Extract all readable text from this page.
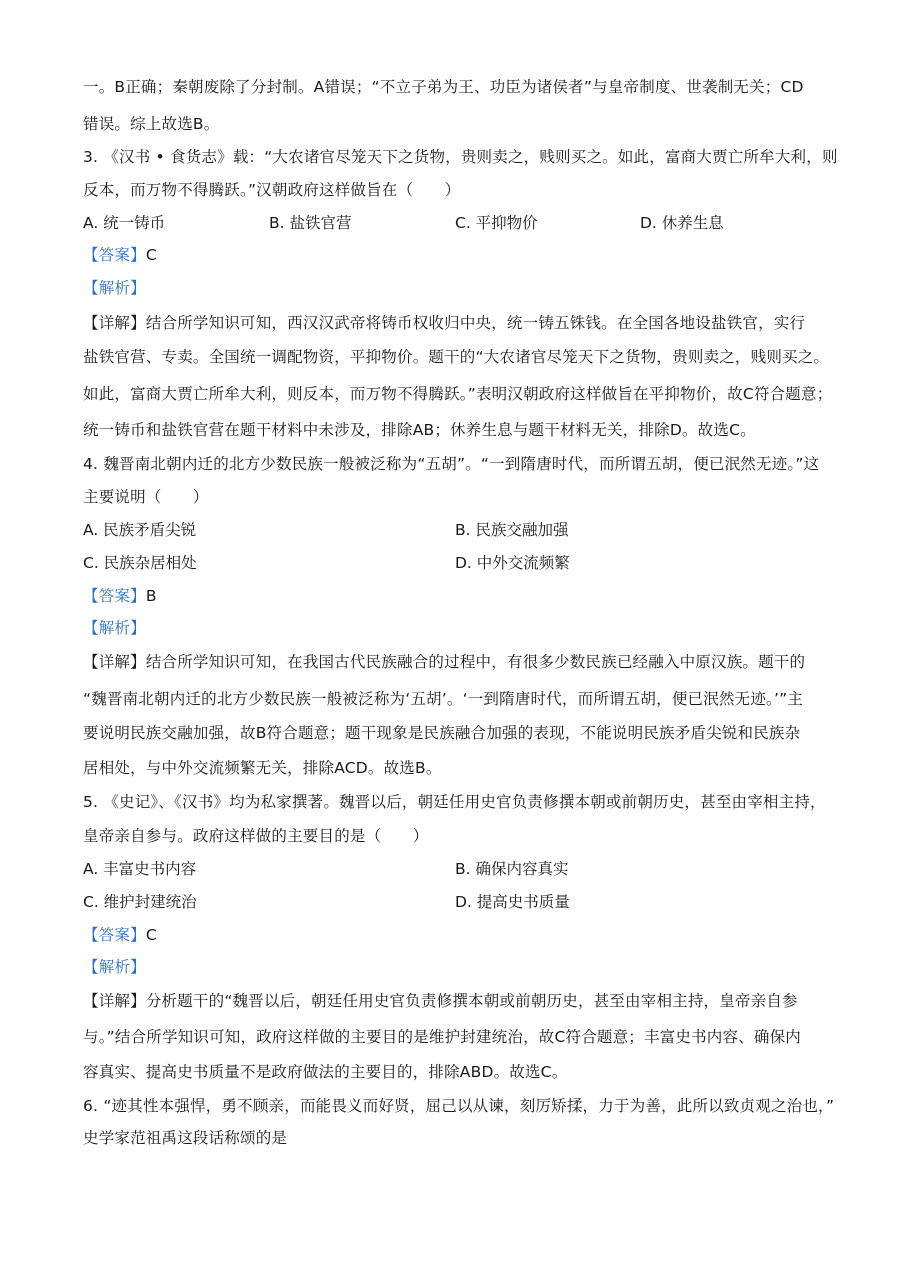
一。B正确；秦朝废除了分封制。A错误；“不立子弟为王、功臣为诸侯者”与皇帝制度、世袭制无关；CD
错误。综上故选B。
3. 《汉书 • 食货志》载：“大农诸官尽笼天下之货物，贵则卖之，贱则买之。如此，富商大贾亡所牟大利，则
反本，而万物不得腾跃。”汉朝政府这样做旨在（　　）
A. 统一铸币	B. 盐铁官营	C. 平抑物价	D. 休养生息
【答案】C
【解析】
【详解】结合所学知识可知，西汉汉武帝将铸币权收归中央，统一铸五铢钱。在全国各地设盐铁官，实行
盐铁官营、专卖。全国统一调配物资，平抑物价。题干的“大农诸官尽笼天下之货物，贵则卖之，贱则买之。
如此，富商大贾亡所牟大利，则反本，而万物不得腾跃。”表明汉朝政府这样做旨在平抑物价，故C符合题意；
统一铸币和盐铁官营在题干材料中未涉及，排除AB；休养生息与题干材料无关，排除D。故选C。
4. 魏晋南北朝内迁的北方少数民族一般被泛称为“五胡”。“一到隋唐时代，而所谓五胡，便已泯然无迹。”这
主要说明（　　）
A. 民族矛盾尖锐	B. 民族交融加强
C. 民族杂居相处	D. 中外交流频繁
【答案】B
【解析】
【详解】结合所学知识可知，在我国古代民族融合的过程中，有很多少数民族已经融入中原汉族。题干的
“魏晋南北朝内迁的北方少数民族一般被泛称为‘五胡’。‘一到隋唐时代，而所谓五胡，便已泯然无迹。’”主
要说明民族交融加强，故B符合题意；题干现象是民族融合加强的表现，不能说明民族矛盾尖锐和民族杂
居相处，与中外交流频繁无关，排除ACD。故选B。
5. 《史记》、《汉书》均为私家撰著。魏晋以后，朝廷任用史官负责修撰本朝或前朝历史，甚至由宰相主持，
皇帝亲自参与。政府这样做的主要目的是（　　）
A. 丰富史书内容	B. 确保内容真实
C. 维护封建统治	D. 提高史书质量
【答案】C
【解析】
【详解】分析题干的“魏晋以后，朝廷任用史官负责修撰本朝或前朝历史，甚至由宰相主持，皇帝亲自参
与。”结合所学知识可知，政府这样做的主要目的是维护封建统治，故C符合题意；丰富史书内容、确保内
容真实、提高史书质量不是政府做法的主要目的，排除ABD。故选C。
6. “迹其性本强悍，勇不顾亲，而能畏义而好贤，屈己以从谏，刻厉矫揉，力于为善，此所以致贞观之治也，”
史学家范祖禹这段话称颂的是
